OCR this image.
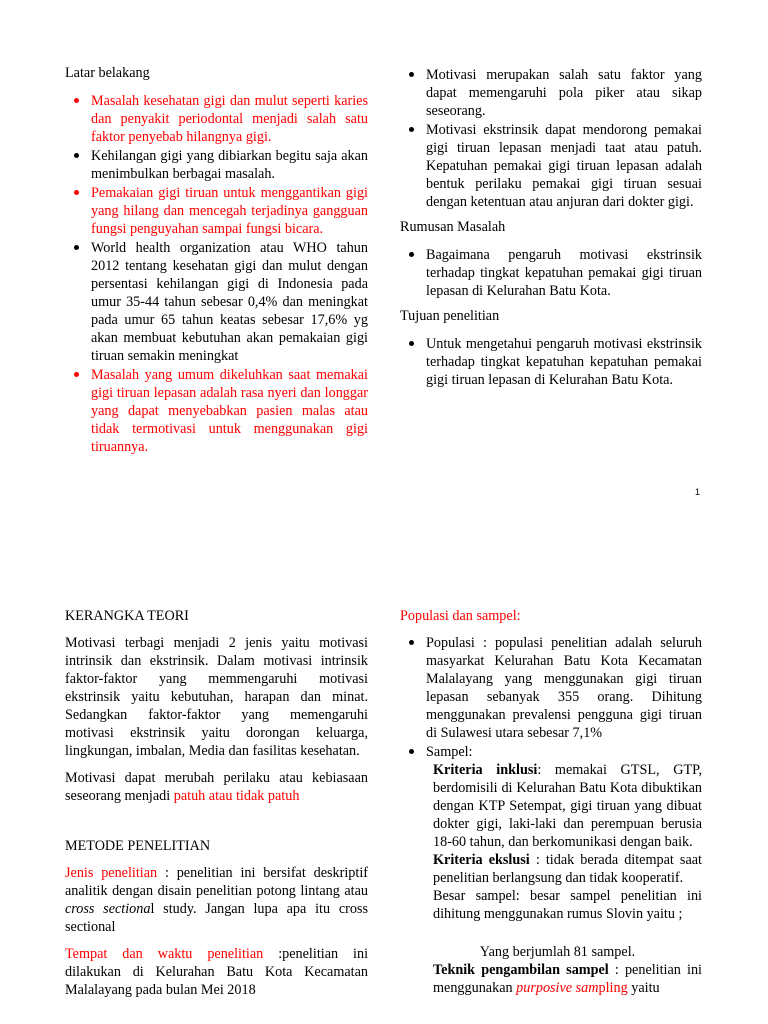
Latar belakang

Masalah kesehatan gigi dan mulut seperti karies dan penyakit periodontal menjadi salah satu faktor penyebab hilangnya gigi.
Kehilangan gigi yang dibiarkan begitu saja akan menimbulkan berbagai masalah.
Pemakaian gigi tiruan untuk menggantikan gigi yang hilang dan mencegah terjadinya gangguan fungsi penguyahan sampai fungsi bicara.
World health organization atau WHO tahun 2012 tentang kesehatan gigi dan mulut dengan persentasi kehilangan gigi di Indonesia pada umur 35-44 tahun sebesar 0,4% dan meningkat pada umur 65 tahun keatas sebesar 17,6% yg akan membuat kebutuhan akan pemakaian gigi tiruan semakin meningkat
Masalah yang umum dikeluhkan saat memakai gigi tiruan lepasan adalah rasa nyeri dan longgar yang dapat menyebabkan pasien malas atau tidak termotivasi untuk menggunakan gigi tiruannya.
Motivasi merupakan salah satu faktor yang dapat memengaruhi pola piker atau sikap seseorang.
Motivasi ekstrinsik dapat mendorong pemakai gigi tiruan lepasan menjadi taat atau patuh. Kepatuhan pemakai gigi tiruan lepasan adalah bentuk perilaku pemakai gigi tiruan sesuai dengan ketentuan atau anjuran dari dokter gigi.

Rumusan Masalah

Bagaimana pengaruh motivasi ekstrinsik terhadap tingkat kepatuhan pemakai gigi tiruan lepasan di Kelurahan Batu Kota.

Tujuan penelitian

Untuk mengetahui pengaruh motivasi ekstrinsik terhadap tingkat kepatuhan kepatuhan pemakai gigi tiruan lepasan di Kelurahan Batu Kota.
1

KERANGKA TEORI

Motivasi terbagi menjadi 2 jenis yaitu motivasi intrinsik dan ekstrinsik. Dalam motivasi intrinsik faktor-faktor yang memmengaruhi motivasi ekstrinsik yaitu kebutuhan, harapan dan minat. Sedangkan faktor-faktor yang memengaruhi motivasi ekstrinsik yaitu dorongan keluarga, lingkungan, imbalan, Media dan fasilitas kesehatan.

Motivasi dapat merubah perilaku atau kebiasaan seseorang menjadi patuh atau tidak patuh

METODE PENELITIAN

Jenis penelitian : penelitian ini bersifat deskriptif analitik dengan disain penelitian potong lintang atau cross sectional study. Jangan lupa apa itu cross sectional

Tempat dan waktu penelitian :penelitian ini dilakukan di Kelurahan Batu Kota Kecamatan Malalayang pada bulan Mei 2018

Populasi dan sampel:

Populasi : populasi penelitian adalah seluruh masyarkat Kelurahan Batu Kota Kecamatan Malalayang yang menggunakan gigi tiruan lepasan sebanyak 355 orang. Dihitung menggunakan prevalensi pengguna gigi tiruan di Sulawesi utara sebesar 7,1%
Sampel:

Kriteria inklusi: memakai GTSL, GTP, berdomisili di Kelurahan Batu Kota dibuktikan dengan KTP Setempat, gigi tiruan yang dibuat dokter gigi, laki-laki dan perempuan berusia 18-60 tahun, dan berkomunikasi dengan baik.

Kriteria ekslusi : tidak berada ditempat saat penelitian berlangsung dan tidak kooperatif.

Besar sampel: besar sampel penelitian ini dihitung menggunakan rumus Slovin yaitu ;

Yang berjumlah 81 sampel.

Teknik pengambilan sampel : penelitian ini menggunakan purposive sampling yaitu
